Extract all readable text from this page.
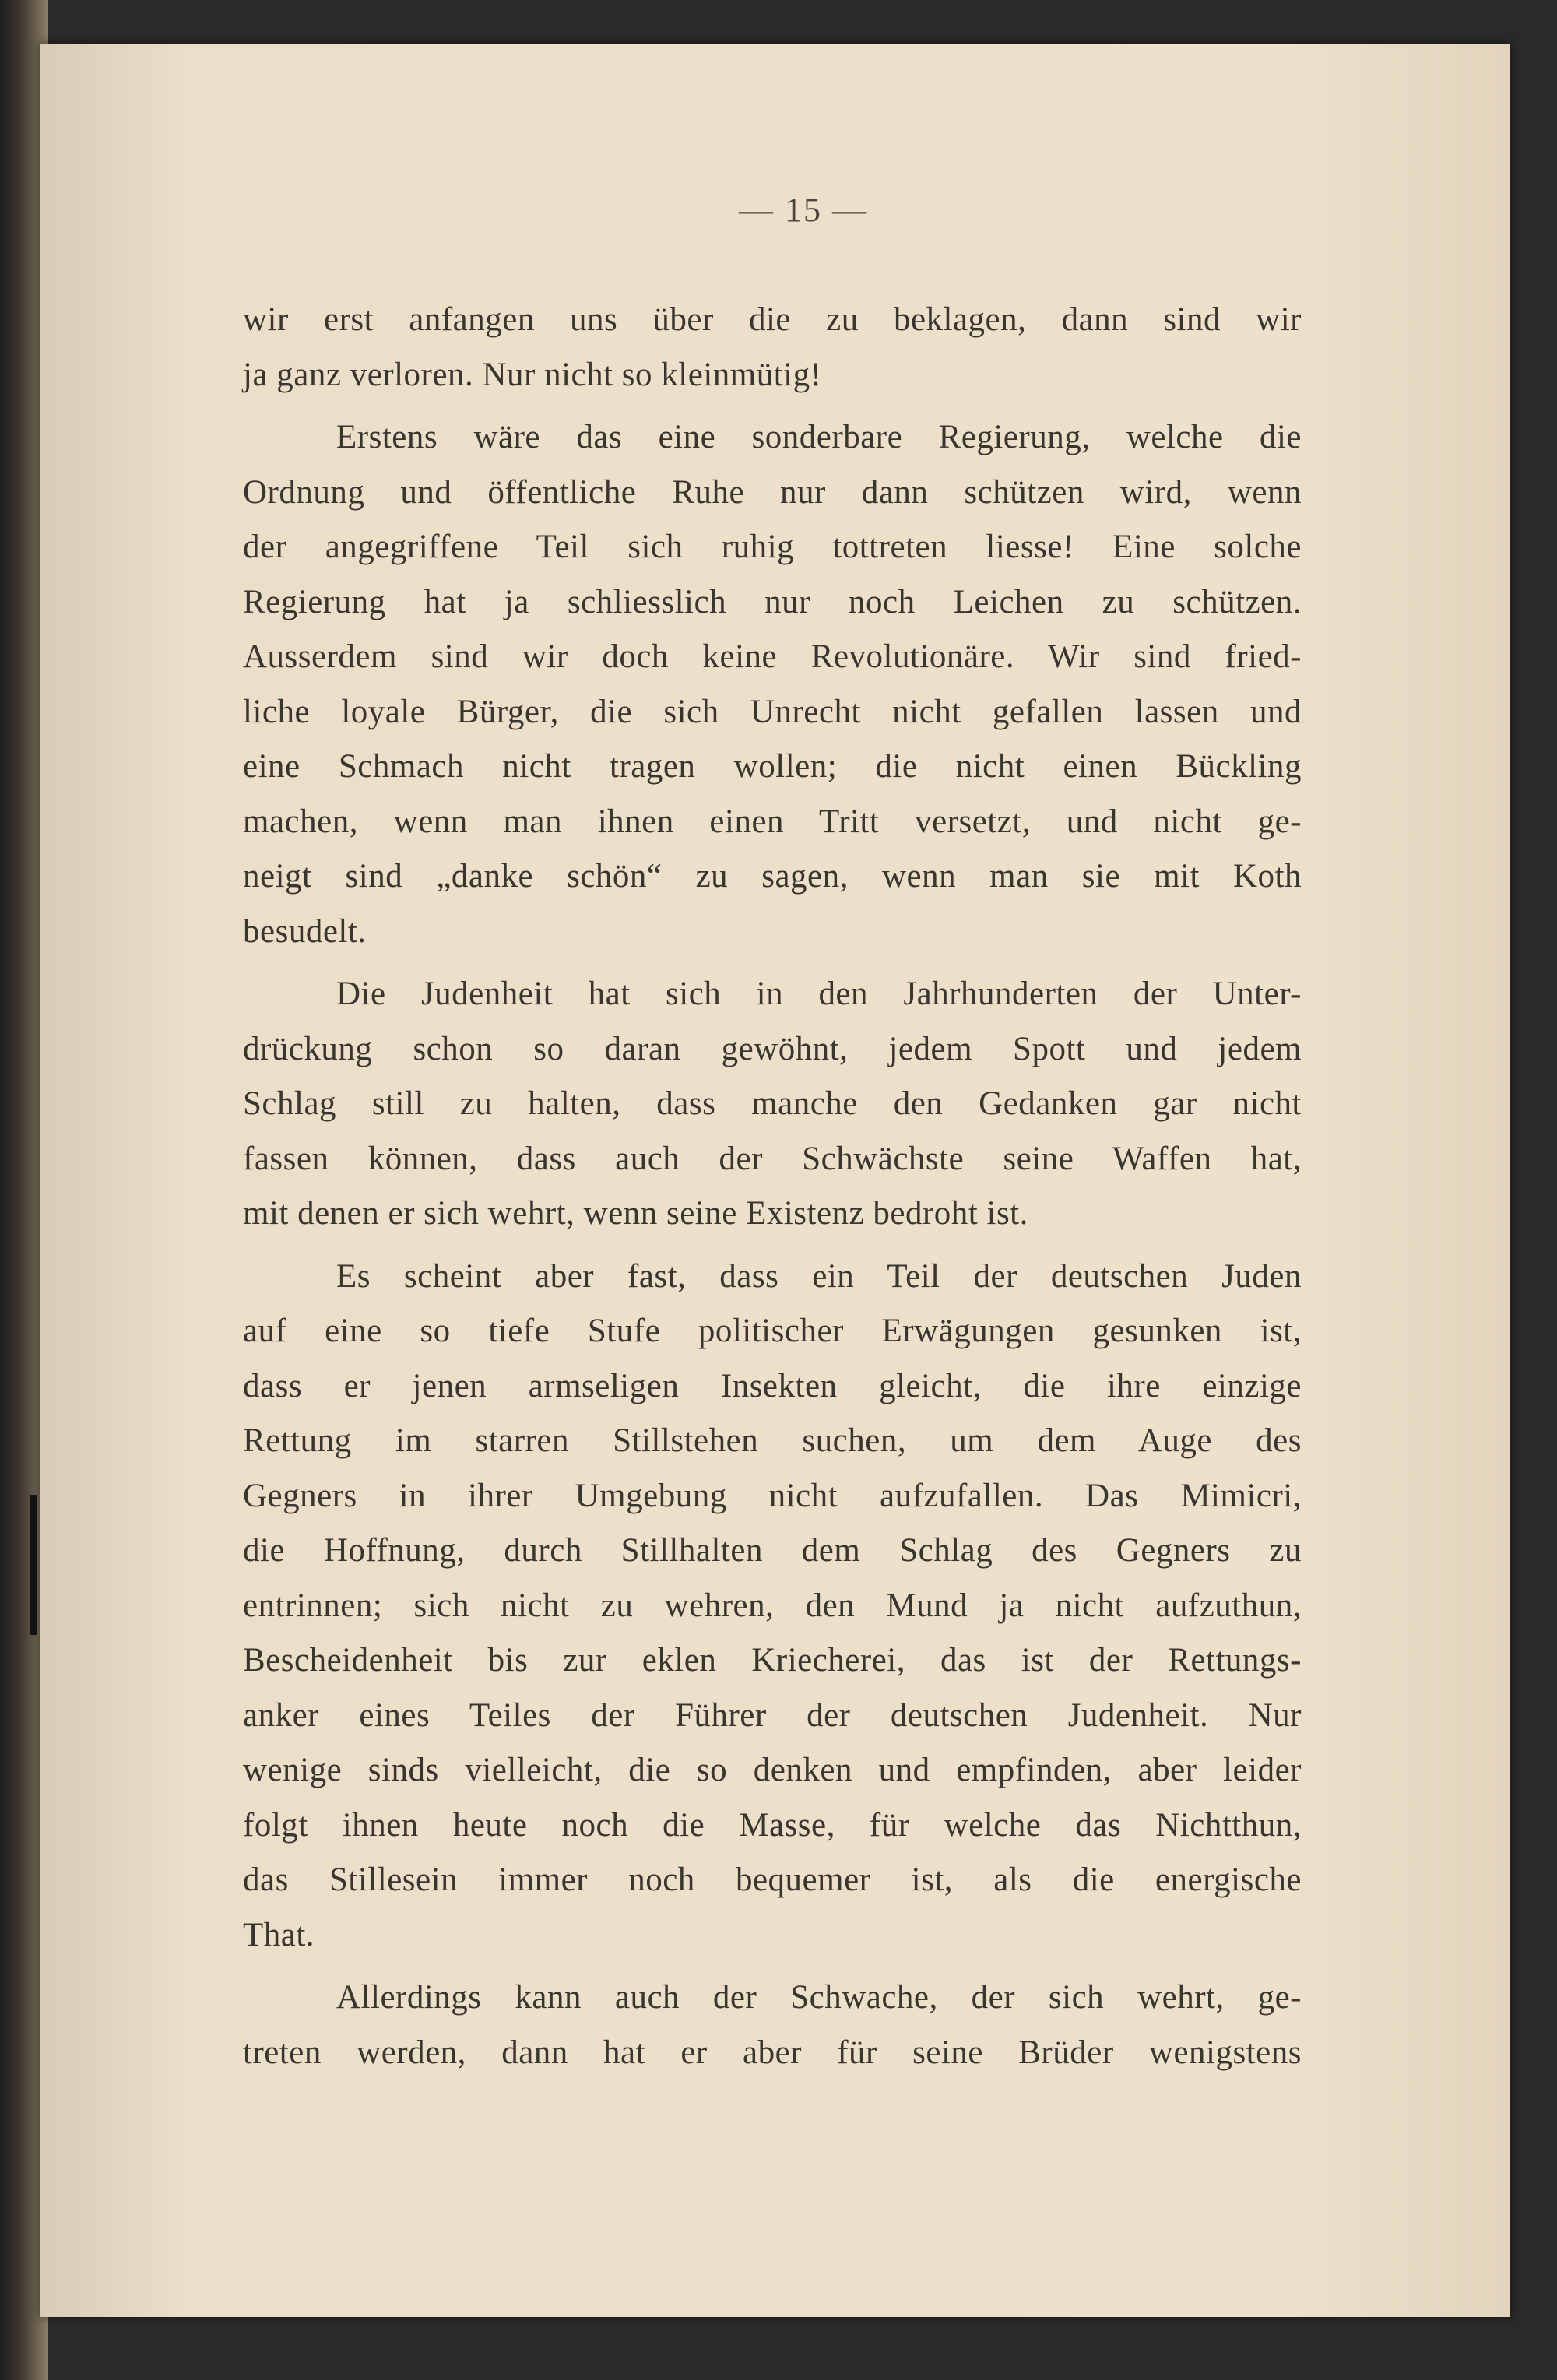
— 15 —
wir erst anfangen uns über die zu beklagen, dann sind wir
ja ganz verloren. Nur nicht so kleinmütig!
Erstens wäre das eine sonderbare Regierung, welche die
Ordnung und öffentliche Ruhe nur dann schützen wird, wenn
der angegriffene Teil sich ruhig tottreten liesse! Eine solche
Regierung hat ja schliesslich nur noch Leichen zu schützen.
Ausserdem sind wir doch keine Revolutionäre. Wir sind fried-
liche loyale Bürger, die sich Unrecht nicht gefallen lassen und
eine Schmach nicht tragen wollen; die nicht einen Bückling
machen, wenn man ihnen einen Tritt versetzt, und nicht ge-
neigt sind „danke schön“ zu sagen, wenn man sie mit Koth
besudelt.
Die Judenheit hat sich in den Jahrhunderten der Unter-
drückung schon so daran gewöhnt, jedem Spott und jedem
Schlag still zu halten, dass manche den Gedanken gar nicht
fassen können, dass auch der Schwächste seine Waffen hat,
mit denen er sich wehrt, wenn seine Existenz bedroht ist.
Es scheint aber fast, dass ein Teil der deutschen Juden
auf eine so tiefe Stufe politischer Erwägungen gesunken ist,
dass er jenen armseligen Insekten gleicht, die ihre einzige
Rettung im starren Stillstehen suchen, um dem Auge des
Gegners in ihrer Umgebung nicht aufzufallen. Das Mimicri,
die Hoffnung, durch Stillhalten dem Schlag des Gegners zu
entrinnen; sich nicht zu wehren, den Mund ja nicht aufzuthun,
Bescheidenheit bis zur eklen Kriecherei, das ist der Rettungs-
anker eines Teiles der Führer der deutschen Judenheit. Nur
wenige sinds vielleicht, die so denken und empfinden, aber leider
folgt ihnen heute noch die Masse, für welche das Nichtthun,
das Stillesein immer noch bequemer ist, als die energische
That.
Allerdings kann auch der Schwache, der sich wehrt, ge-
treten werden, dann hat er aber für seine Brüder wenigstens
